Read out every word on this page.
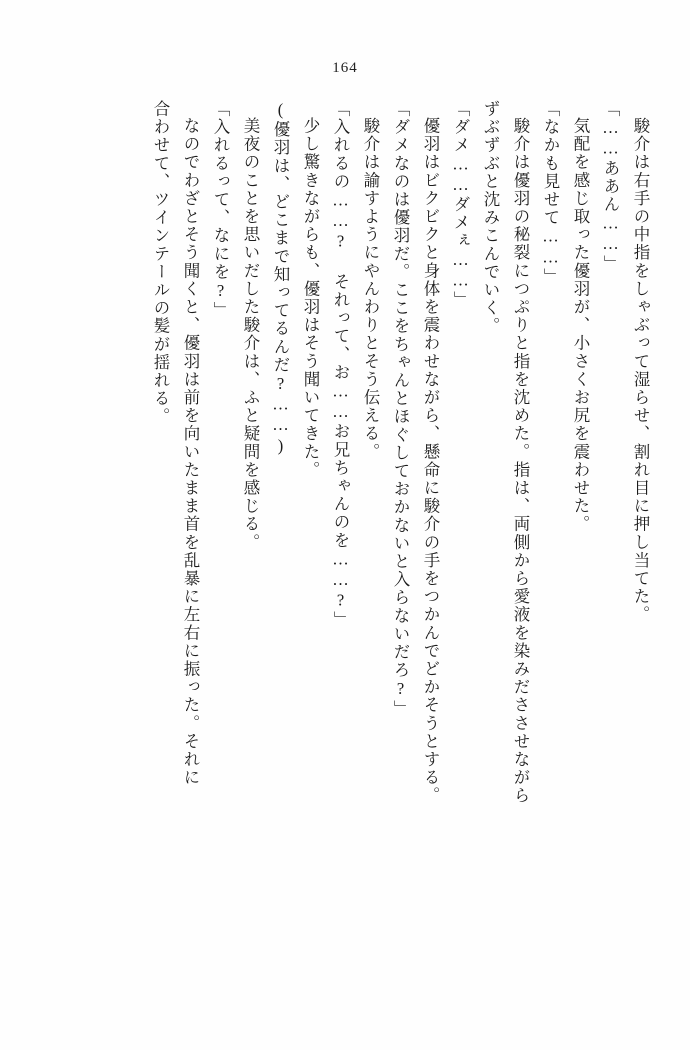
164
駿介は右手の中指をしゃぶって湿らせ、割れ目に押し当てた。
「……ああん……」
気配を感じ取った優羽が、小さくお尻を震わせた。
「なかも見せて……」
駿介は優羽の秘裂につぷりと指を沈めた。指は、両側から愛液を染みだささせながら
ずぶずぶと沈みこんでいく。
「ダメ……ダメぇ……」
優羽はビクビクと身体を震わせながら、懸命に駿介の手をつかんでどかそうとする。
「ダメなのは優羽だ。ここをちゃんとほぐしておかないと入らないだろ?」
駿介は諭すようにやんわりとそう伝える。
「入れるの……? それって、お……お兄ちゃんのを……?」
少し驚きながらも、優羽はそう聞いてきた。
(優羽は、どこまで知ってるんだ?……)
美夜のことを思いだした駿介は、ふと疑問を感じる。
「入れるって、なにを?」
なのでわざとそう聞くと、優羽は前を向いたまま首を乱暴に左右に振った。それに
合わせて、ツインテールの髪が揺れる。
